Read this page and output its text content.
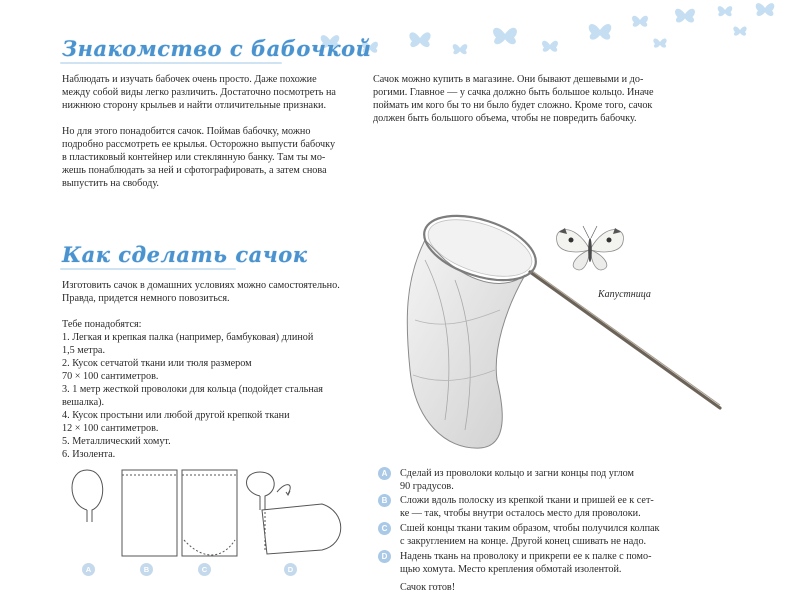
Знакомство с бабочкой

Наблюдать и изучать бабочек очень просто. Даже похожие
между собой виды легко различить. Достаточно посмотреть на
нижнюю сторону крыльев и найти отличительные признаки.

Но для этого понадобится сачок. Поймав бабочку, можно
подробно рассмотреть ее крылья. Осторожно выпусти бабочку
в пластиковый контейнер или стеклянную банку. Там ты мо-
жешь понаблюдать за ней и сфотографировать, а затем снова
выпустить на свободу.

Сачок можно купить в магазине. Они бывают дешевыми и до-
рогими. Главное — у сачка должно быть большое кольцо. Иначе
поймать им кого бы то ни было будет сложно. Кроме того, сачок
должен быть большого объема, чтобы не повредить бабочку.

Как сделать сачок

Изготовить сачок в домашних условиях можно самостоятельно.
Правда, придется немного повозиться.

Тебе понадобятся:
1. Легкая и крепкая палка (например, бамбуковая) длиной
1,5 метра.
2. Кусок сетчатой ткани или тюля размером
70 × 100 сантиметров.
3. 1 метр жесткой проволоки для кольца (подойдет стальная
вешалка).
4. Кусок простыни или любой другой крепкой ткани
12 × 100 сантиметров.
5. Металлический хомут.
6. Изолента.
Капустница
A	B	C	D
A	Сделай из проволоки кольцо и загни концы под углом
90 градусов.
B	Сложи вдоль полоску из крепкой ткани и пришей ее к сет-
ке — так, чтобы внутри осталось место для проволоки.
C	Сшей концы ткани таким образом, чтобы получился колпак
с закруглением на конце. Другой конец сшивать не надо.
D	Надень ткань на проволоку и прикрепи ее к палке с помо-
щью хомута. Место крепления обмотай изолентой.
Сачок готов!
